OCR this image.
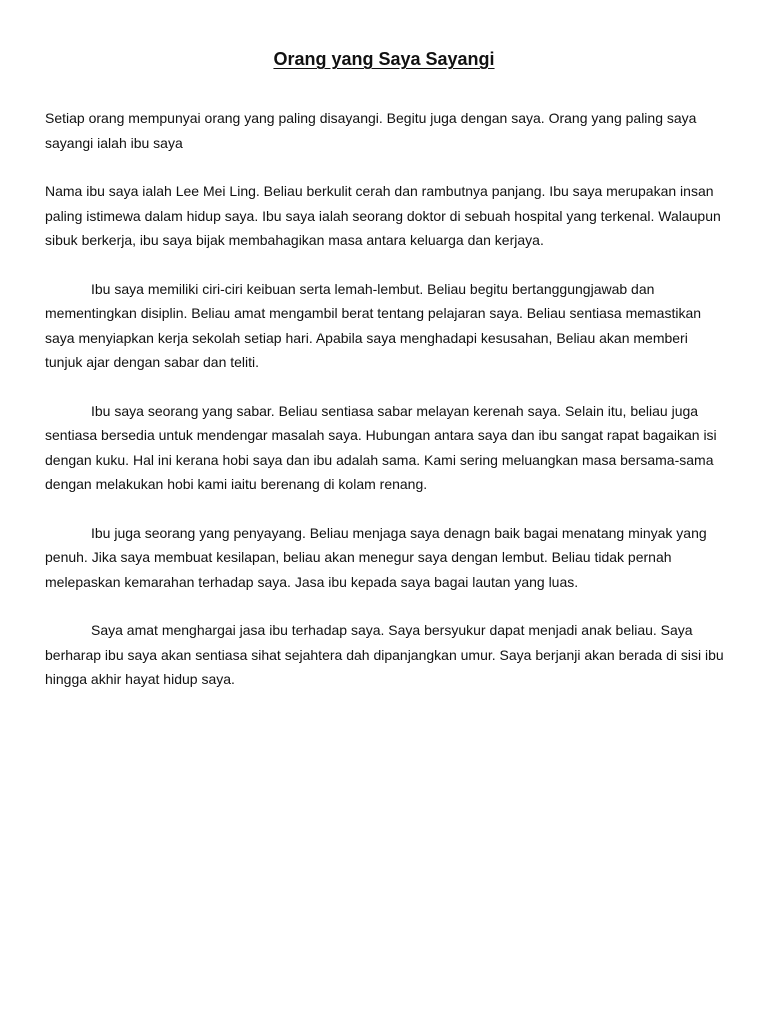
Orang yang Saya Sayangi

Setiap orang mempunyai orang yang paling disayangi. Begitu juga dengan saya. Orang yang paling saya sayangi ialah ibu saya

Nama ibu saya ialah Lee Mei Ling. Beliau berkulit cerah dan rambutnya panjang. Ibu saya merupakan insan paling istimewa dalam hidup saya. Ibu saya ialah seorang doktor di sebuah hospital yang terkenal. Walaupun sibuk berkerja, ibu saya bijak membahagikan masa antara keluarga dan kerjaya.

Ibu saya memiliki ciri-ciri keibuan serta lemah-lembut. Beliau begitu bertanggungjawab dan mementingkan disiplin. Beliau amat mengambil berat tentang pelajaran saya. Beliau sentiasa memastikan saya menyiapkan kerja sekolah setiap hari. Apabila saya menghadapi kesusahan, Beliau akan memberi tunjuk ajar dengan sabar dan teliti.

Ibu saya seorang yang sabar. Beliau sentiasa sabar melayan kerenah saya. Selain itu, beliau juga sentiasa bersedia untuk mendengar masalah saya. Hubungan antara saya dan ibu sangat rapat bagaikan isi dengan kuku. Hal ini kerana hobi saya dan ibu adalah sama. Kami sering meluangkan masa bersama-sama dengan melakukan hobi kami iaitu berenang di kolam renang.

Ibu juga seorang yang penyayang. Beliau menjaga saya denagn baik bagai menatang minyak yang penuh. Jika saya membuat kesilapan, beliau akan menegur saya dengan lembut. Beliau tidak pernah melepaskan kemarahan terhadap saya. Jasa ibu kepada saya bagai lautan yang luas.

Saya amat menghargai jasa ibu terhadap saya. Saya bersyukur dapat menjadi anak beliau. Saya berharap ibu saya akan sentiasa sihat sejahtera dah dipanjangkan umur. Saya berjanji akan berada di sisi ibu hingga akhir hayat hidup saya.
